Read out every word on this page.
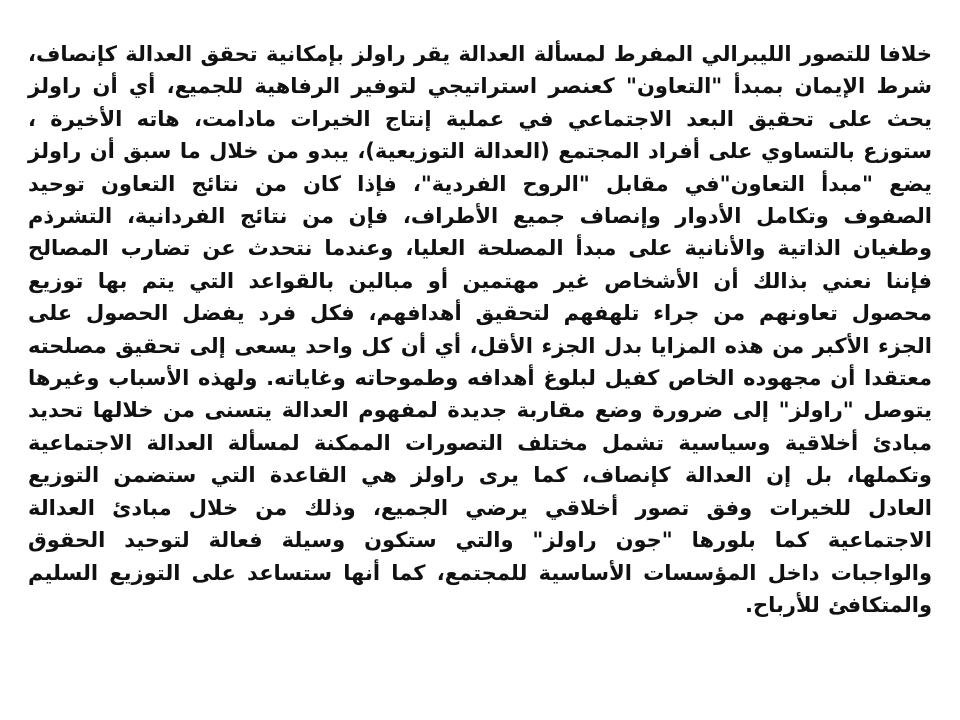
خلافا للتصور الليبرالي المفرط لمسألة العدالة يقر راولز بإمكانية تحقق العدالة كإنصاف، شرط الإيمان بمبدأ "التعاون" كعنصر استراتيجي لتوفير الرفاهية للجميع، أي أن راولز يحث على تحقيق البعد الاجتماعي في عملية إنتاج الخيرات مادامت، هاته الأخيرة ، ستوزع بالتساوي على أفراد المجتمع (العدالة التوزيعية)، يبدو من خلال ما سبق أن راولز يضع "مبدأ التعاون"في مقابل "الروح الفردية"، فإذا كان من نتائج التعاون توحيد الصفوف وتكامل الأدوار وإنصاف جميع الأطراف، فإن من نتائج الفردانية، التشرذم وطغيان الذاتية والأنانية على مبدأ المصلحة العليا، وعندما نتحدث عن تضارب المصالح فإننا نعني بذالك أن الأشخاص غير مهتمين أو مبالين بالقواعد التي يتم بها توزيع محصول تعاونهم من جراء تلهفهم لتحقيق أهدافهم، فكل فرد يفضل الحصول على الجزء الأكبر من هذه المزايا بدل الجزء الأقل، أي أن كل واحد يسعى إلى تحقيق مصلحته معتقدا أن مجهوده الخاص كفيل لبلوغ أهدافه وطموحاته وغاياته. ولهذه الأسباب وغيرها يتوصل "راولز" إلى ضرورة وضع مقاربة جديدة لمفهوم العدالة يتسنى من خلالها تحديد مبادئ أخلاقية وسياسية تشمل مختلف التصورات الممكنة لمسألة العدالة الاجتماعية وتكملها، بل إن العدالة كإنصاف، كما يرى راولز هي القاعدة التي ستضمن التوزيع العادل للخيرات وفق تصور أخلاقي يرضي الجميع، وذلك من خلال مبادئ العدالة الاجتماعية كما بلورها "جون راولز" والتي ستكون وسيلة فعالة لتوحيد الحقوق والواجبات داخل المؤسسات الأساسية للمجتمع، كما أنها ستساعد على التوزيع السليم والمتكافئ للأرباح.
